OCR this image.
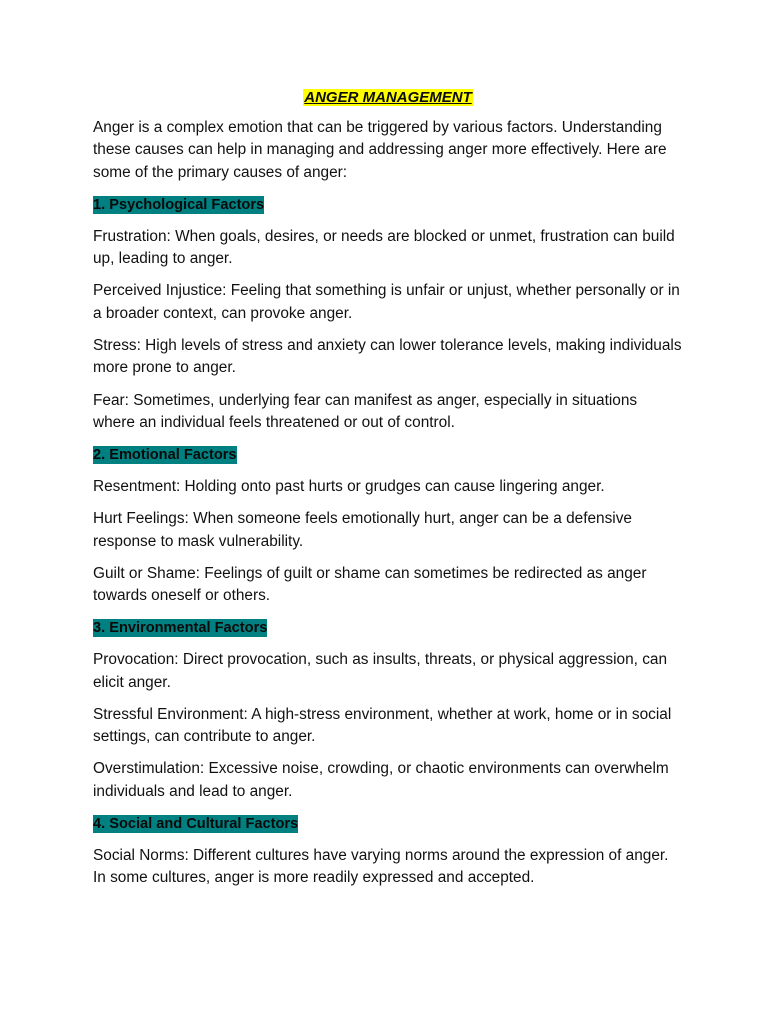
ANGER MANAGEMENT

Anger is a complex emotion that can be triggered by various factors. Understanding these causes can help in managing and addressing anger more effectively. Here are some of the primary causes of anger:

1. Psychological Factors

Frustration: When goals, desires, or needs are blocked or unmet, frustration can build up, leading to anger.

Perceived Injustice: Feeling that something is unfair or unjust, whether personally or in a broader context, can provoke anger.

Stress: High levels of stress and anxiety can lower tolerance levels, making individuals more prone to anger.

Fear: Sometimes, underlying fear can manifest as anger, especially in situations where an individual feels threatened or out of control.

2. Emotional Factors

Resentment: Holding onto past hurts or grudges can cause lingering anger.

Hurt Feelings: When someone feels emotionally hurt, anger can be a defensive response to mask vulnerability.

Guilt or Shame: Feelings of guilt or shame can sometimes be redirected as anger towards oneself or others.

3. Environmental Factors

Provocation: Direct provocation, such as insults, threats, or physical aggression, can elicit anger.

Stressful Environment: A high-stress environment, whether at work, home or in social settings, can contribute to anger.

Overstimulation: Excessive noise, crowding, or chaotic environments can overwhelm individuals and lead to anger.

4. Social and Cultural Factors

Social Norms: Different cultures have varying norms around the expression of anger. In some cultures, anger is more readily expressed and accepted.
